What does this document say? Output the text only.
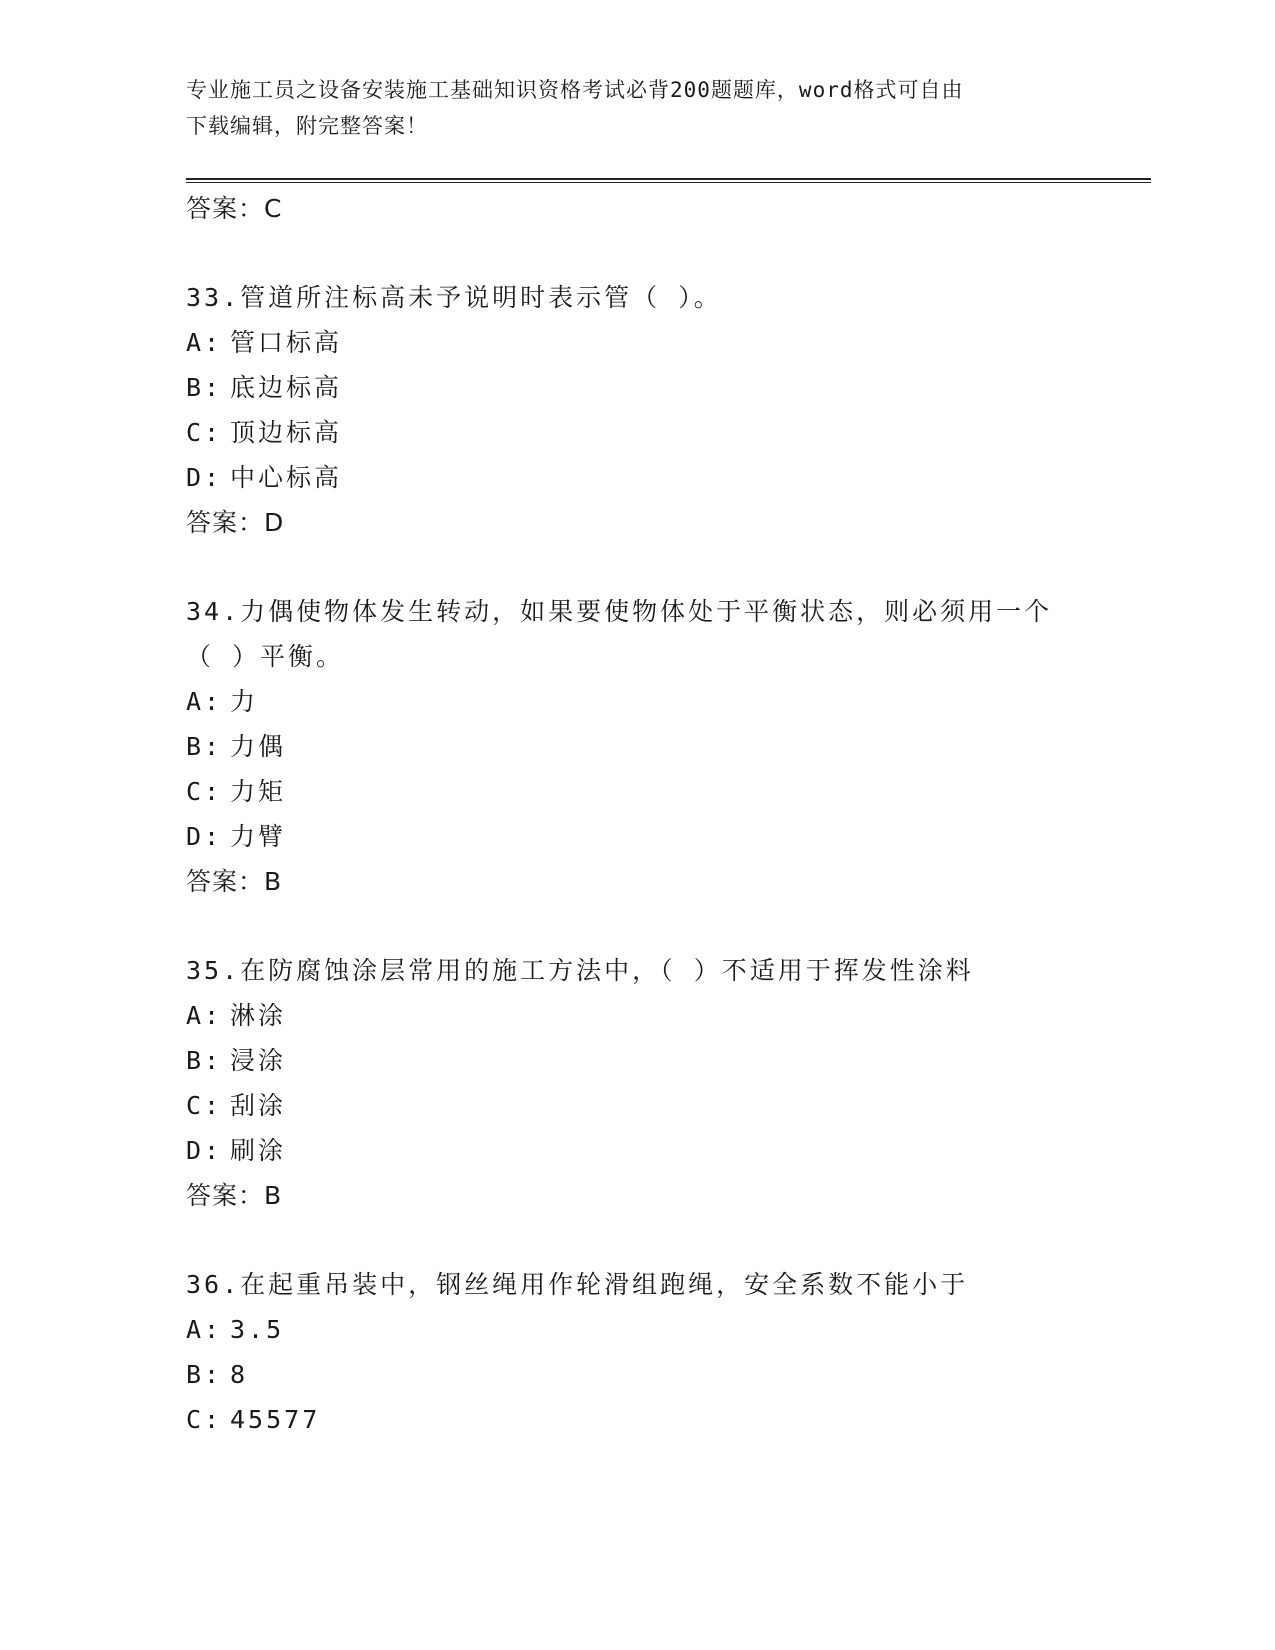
专业施工员之设备安装施工基础知识资格考试必背200题题库，word格式可自由
下载编辑，附完整答案！
答案：C
33.管道所注标高未予说明时表示管（ ）。
A: 管口标高
B: 底边标高
C: 顶边标高
D: 中心标高
答案：D
34.力偶使物体发生转动，如果要使物体处于平衡状态，则必须用一个
（ ）平衡。
A: 力
B: 力偶
C: 力矩
D: 力臂
答案：B
35.在防腐蚀涂层常用的施工方法中，（ ）不适用于挥发性涂料
A: 淋涂
B: 浸涂
C: 刮涂
D: 刷涂
答案：B
36.在起重吊装中，钢丝绳用作轮滑组跑绳，安全系数不能小于
A: 3.5
B: 8
C: 45577
